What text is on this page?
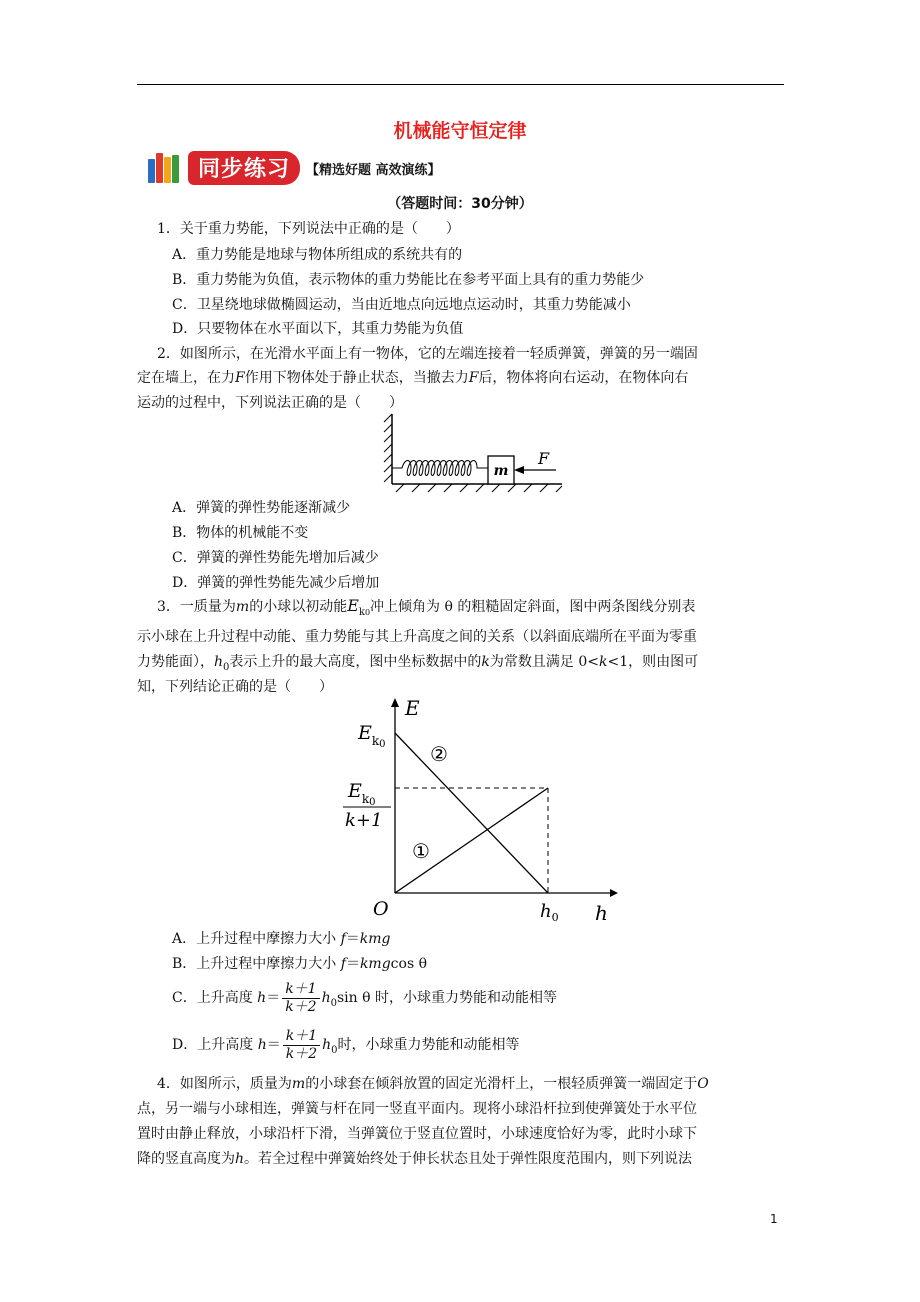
机械能守恒定律
同步练习	【精选好题 高效演练】
（答题时间：30分钟）
1．关于重力势能，下列说法中正确的是（　　）
A．重力势能是地球与物体所组成的系统共有的
B．重力势能为负值，表示物体的重力势能比在参考平面上具有的重力势能少
C．卫星绕地球做椭圆运动，当由近地点向远地点运动时，其重力势能减小
D．只要物体在水平面以下，其重力势能为负值
2．如图所示，在光滑水平面上有一物体，它的左端连接着一轻质弹簧，弹簧的另一端固
定在墙上，在力F作用下物体处于静止状态，当撤去力F后，物体将向右运动，在物体向右
运动的过程中，下列说法正确的是（　　）
m
F
A．弹簧的弹性势能逐渐减少
B．物体的机械能不变
C．弹簧的弹性势能先增加后减少
D．弹簧的弹性势能先减少后增加
3．一质量为m的小球以初动能$E_{k0}$冲上倾角为 θ 的粗糙固定斜面，图中两条图线分别表
示小球在上升过程中动能、重力势能与其上升高度之间的关系（以斜面底端所在平面为零重
力势能面），$h_0$表示上升的最大高度，图中坐标数据中的k为常数且满足 0<k<1，则由图可
知，下列结论正确的是（　　）
E
h
O
$E_k0$
$E_k0$
k+1
$h_0$
①
②
A．上升过程中摩擦力大小 f＝kmg
B．上升过程中摩擦力大小 f＝kmgcos θ
C．上升高度 $h= \frac{k+1}{k+2} h_0\sin$ θ 时，小球重力势能和动能相等
D．上升高度 $h= \frac{k+1}{k+2} h_0$时，小球重力势能和动能相等
4．如图所示，质量为m的小球套在倾斜放置的固定光滑杆上，一根轻质弹簧一端固定于O
点，另一端与小球相连，弹簧与杆在同一竖直平面内。现将小球沿杆拉到使弹簧处于水平位
置时由静止释放，小球沿杆下滑，当弹簧位于竖直位置时，小球速度恰好为零，此时小球下
降的竖直高度为h。若全过程中弹簧始终处于伸长状态且处于弹性限度范围内，则下列说法
1
